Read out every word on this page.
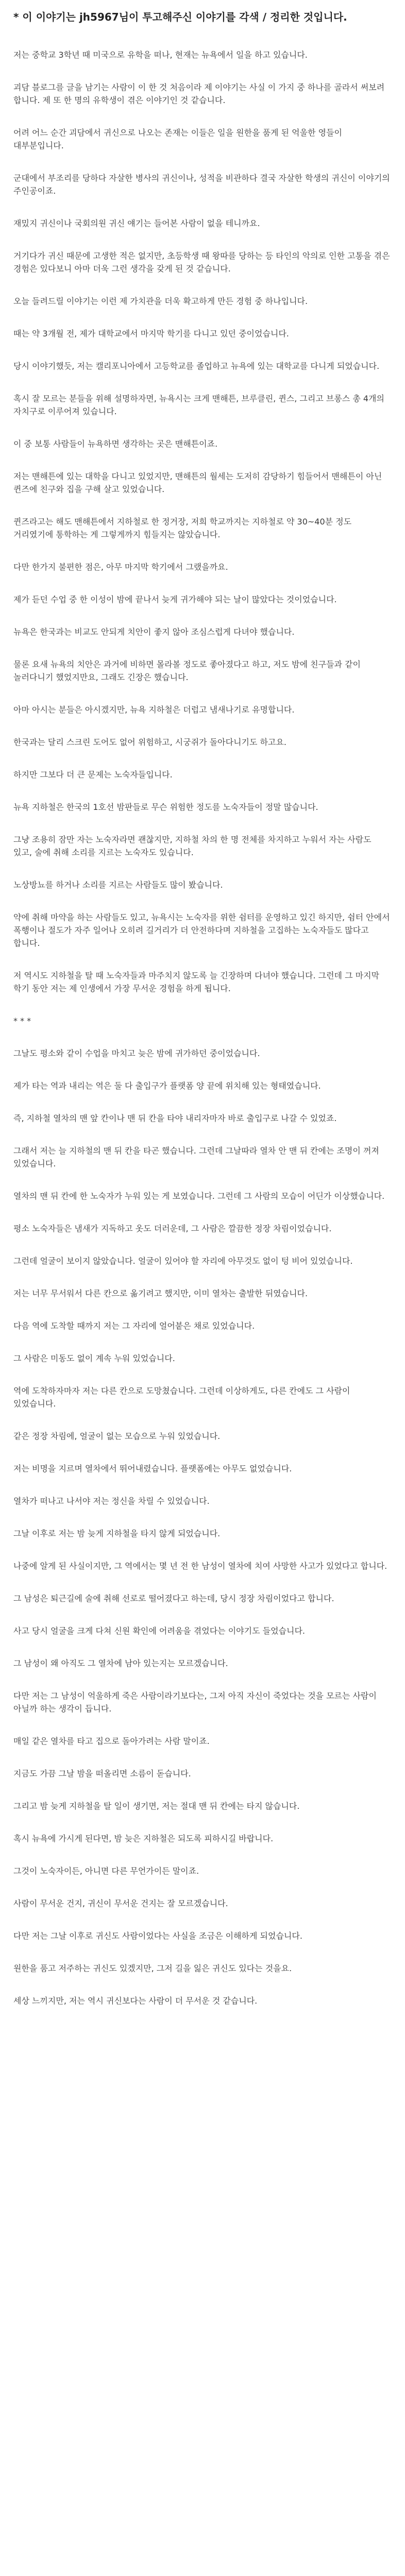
* 이 이야기는 jh5967님이 투고해주신 이야기를 각색 / 정리한 것입니다.

저는 중학교 3학년 때 미국으로 유학을 떠나, 현재는 뉴욕에서 일을 하고 있습니다.

괴담 블로그를 글을 남기는 사람이 이 한 것 처음이라 제 이야기는 사실 이 가지 중 하나를 골라서 써보려 합니다. 제 또 한 명의 유학생이 겪은 이야기인 것 같습니다.

어려 어느 순간 괴담에서 귀신으로 나오는 존재는 이들은 일을 원한을 품게 된 억울한 영들이 대부분입니다.

군대에서 부조리를 당하다 자살한 병사의 귀신이나, 성적을 비관하다 결국 자살한 학생의 귀신이 이야기의 주인공이죠.

재밌지 귀신이나 국회의원 귀신 얘기는 들어본 사람이 없을 테니까요.

거기다가 귀신 때문에 고생한 적은 없지만, 초등학생 때 왕따를 당하는 등 타인의 악의로 인한 고통을 겪은 경험은 있다보니 아마 더욱 그런 생각을 갖게 된 것 같습니다.

오늘 들려드릴 이야기는 이런 제 가치관을 더욱 확고하게 만든 경험 중 하나입니다.

때는 약 3개월 전, 제가 대학교에서 마지막 학기를 다니고 있던 중이었습니다.

당시 이야기했듯, 저는 캘리포니아에서 고등학교를 졸업하고 뉴욕에 있는 대학교를 다니게 되었습니다.

혹시 잘 모르는 분들을 위해 설명하자면, 뉴욕시는 크게 맨해튼, 브루클린, 퀸스, 그리고 브롱스 총 4개의 자치구로 이루어져 있습니다.

이 중 보통 사람들이 뉴욕하면 생각하는 곳은 맨해튼이죠.

저는 맨해튼에 있는 대학을 다니고 있었지만, 맨해튼의 월세는 도저히 감당하기 힘들어서 맨해튼이 아닌 퀸즈에 친구와 집을 구해 살고 있었습니다.

퀸즈라고는 해도 맨해튼에서 지하철로 한 정거장, 저희 학교까지는 지하철로 약 30~40분 정도 거리였기에 통학하는 게 그렇게까지 힘들지는 않았습니다.

다만 한가지 불편한 점은, 아무 마지막 학기에서 그랬을까요.

제가 듣던 수업 중 한 이성이 밤에 끝나서 늦게 귀가해야 되는 날이 많았다는 것이었습니다.

뉴욕은 한국과는 비교도 안되게 치안이 좋지 않아 조심스럽게 다녀야 했습니다.

물론 요새 뉴욕의 치안은 과거에 비하면 몰라볼 정도로 좋아졌다고 하고, 저도 밤에 친구들과 같이 놀러다니기 했었지만요, 그래도 긴장은 했습니다.

아마 아시는 분들은 아시겠지만, 뉴욕 지하철은 더럽고 냄새나기로 유명합니다.

한국과는 달리 스크린 도어도 없어 위험하고, 시궁쥐가 돌아다니기도 하고요.

하지만 그보다 더 큰 문제는 노숙자들입니다.

뉴욕 지하철은 한국의 1호선 밤판들로 무슨 위험한 정도를 노숙자들이 정말 많습니다.

그냥 조용히 잠만 자는 노숙자라면 괜찮지만, 지하철 차의 한 명 전체를 차지하고 누워서 자는 사람도 있고, 술에 취해 소리를 지르는 노숙자도 있습니다.

노상방뇨를 하거나 소리를 지르는 사람들도 많이 봤습니다.

약에 취해 마약을 하는 사람들도 있고, 뉴욕시는 노숙자를 위한 쉼터를 운영하고 있긴 하지만, 쉼터 안에서 폭행이나 절도가 자주 일어나 오히려 길거리가 더 안전하다며 지하철을 고집하는 노숙자들도 많다고 합니다.

저 역시도 지하철을 탈 때 노숙자들과 마주치지 않도록 늘 긴장하며 다녀야 했습니다. 그런데 그 마지막 학기 동안 저는 제 인생에서 가장 무서운 경험을 하게 됩니다.

* * *

그날도 평소와 같이 수업을 마치고 늦은 밤에 귀가하던 중이었습니다.

제가 타는 역과 내리는 역은 둘 다 출입구가 플랫폼 양 끝에 위치해 있는 형태였습니다.

즉, 지하철 열차의 맨 앞 칸이나 맨 뒤 칸을 타야 내리자마자 바로 출입구로 나갈 수 있었죠.

그래서 저는 늘 지하철의 맨 뒤 칸을 타곤 했습니다. 그런데 그날따라 열차 안 맨 뒤 칸에는 조명이 꺼져 있었습니다.

열차의 맨 뒤 칸에 한 노숙자가 누워 있는 게 보였습니다. 그런데 그 사람의 모습이 어딘가 이상했습니다.

평소 노숙자들은 냄새가 지독하고 옷도 더러운데, 그 사람은 깔끔한 정장 차림이었습니다.

그런데 얼굴이 보이지 않았습니다. 얼굴이 있어야 할 자리에 아무것도 없이 텅 비어 있었습니다.

저는 너무 무서워서 다른 칸으로 옮기려고 했지만, 이미 열차는 출발한 뒤였습니다.

다음 역에 도착할 때까지 저는 그 자리에 얼어붙은 채로 있었습니다.

그 사람은 미동도 없이 계속 누워 있었습니다.

역에 도착하자마자 저는 다른 칸으로 도망쳤습니다. 그런데 이상하게도, 다른 칸에도 그 사람이 있었습니다.

같은 정장 차림에, 얼굴이 없는 모습으로 누워 있었습니다.

저는 비명을 지르며 열차에서 뛰어내렸습니다. 플랫폼에는 아무도 없었습니다.

열차가 떠나고 나서야 저는 정신을 차릴 수 있었습니다.

그날 이후로 저는 밤 늦게 지하철을 타지 않게 되었습니다.

나중에 알게 된 사실이지만, 그 역에서는 몇 년 전 한 남성이 열차에 치여 사망한 사고가 있었다고 합니다.

그 남성은 퇴근길에 술에 취해 선로로 떨어졌다고 하는데, 당시 정장 차림이었다고 합니다.

사고 당시 얼굴을 크게 다쳐 신원 확인에 어려움을 겪었다는 이야기도 들었습니다.

그 남성이 왜 아직도 그 열차에 남아 있는지는 모르겠습니다.

다만 저는 그 남성이 억울하게 죽은 사람이라기보다는, 그저 아직 자신이 죽었다는 것을 모르는 사람이 아닐까 하는 생각이 듭니다.

매일 같은 열차를 타고 집으로 돌아가려는 사람 말이죠.

지금도 가끔 그날 밤을 떠올리면 소름이 돋습니다.

그리고 밤 늦게 지하철을 탈 일이 생기면, 저는 절대 맨 뒤 칸에는 타지 않습니다.

혹시 뉴욕에 가시게 된다면, 밤 늦은 지하철은 되도록 피하시길 바랍니다.

그것이 노숙자이든, 아니면 다른 무언가이든 말이죠.

사람이 무서운 건지, 귀신이 무서운 건지는 잘 모르겠습니다.

다만 저는 그날 이후로 귀신도 사람이었다는 사실을 조금은 이해하게 되었습니다.

원한을 품고 저주하는 귀신도 있겠지만, 그저 길을 잃은 귀신도 있다는 것을요.

세상 느끼지만, 저는 역시 귀신보다는 사람이 더 무서운 것 같습니다.
